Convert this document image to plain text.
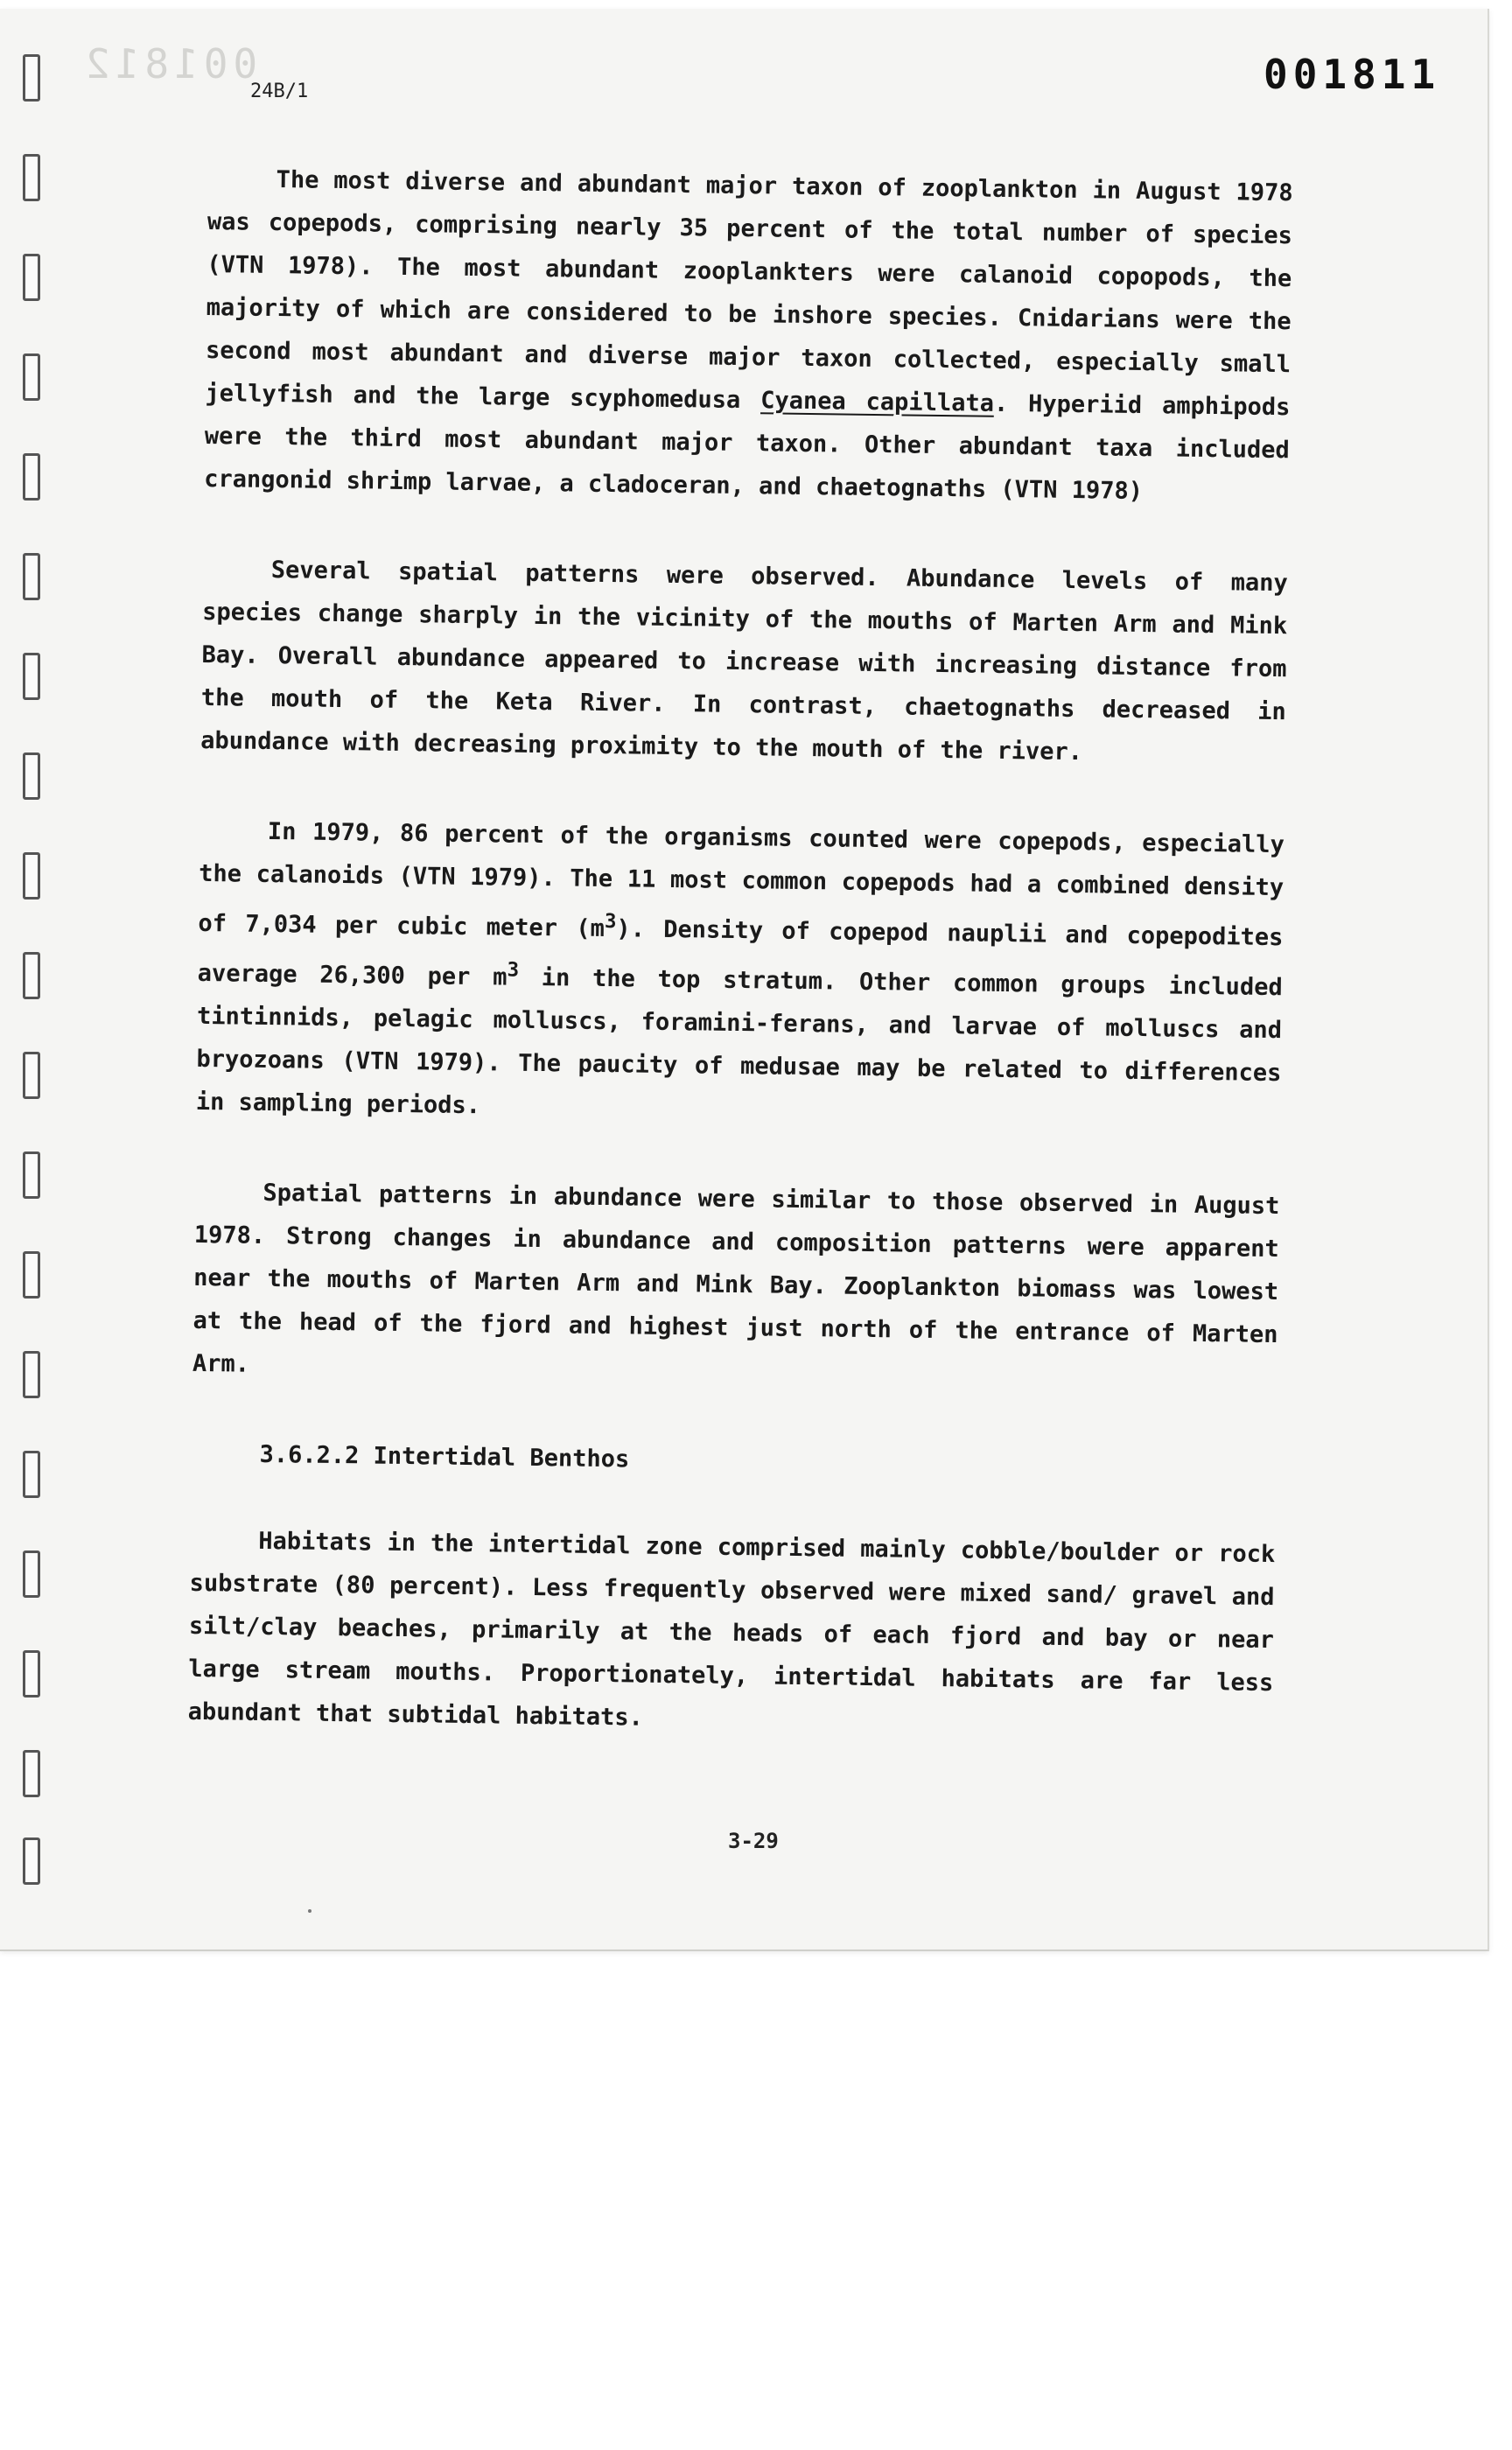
001812
24B/1	001811

The most diverse and abundant major taxon of zooplankton in August 1978 was copepods, comprising nearly 35 percent of the total number of species (VTN 1978). The most abundant zooplankters were calanoid copopods, the majority of which are considered to be inshore species. Cnidarians were the second most abundant and diverse major taxon collected, especially small jellyfish and the large scyphomedusa Cyanea capillata. Hyperiid amphipods were the third most abundant major taxon. Other abundant taxa included crangonid shrimp larvae, a cladoceran, and chaetognaths (VTN 1978)

Several spatial patterns were observed. Abundance levels of many species change sharply in the vicinity of the mouths of Marten Arm and Mink Bay. Overall abundance appeared to increase with increasing distance from the mouth of the Keta River. In contrast, chaetognaths decreased in abundance with decreasing proximity to the mouth of the river.

In 1979, 86 percent of the organisms counted were copepods, especially the calanoids (VTN 1979). The 11 most common copepods had a combined density of 7,034 per cubic meter $(m^3)$. Density of copepod nauplii and copepodites average 26,300 per $m^3$ in the top stratum. Other common groups included tintinnids, pelagic molluscs, foramini-ferans, and larvae of molluscs and bryozoans (VTN 1979). The paucity of medusae may be related to differences in sampling periods.

Spatial patterns in abundance were similar to those observed in August 1978. Strong changes in abundance and composition patterns were apparent near the mouths of Marten Arm and Mink Bay. Zooplankton biomass was lowest at the head of the fjord and highest just north of the entrance of Marten Arm.

3.6.2.2 Intertidal Benthos

Habitats in the intertidal zone comprised mainly cobble/boulder or rock substrate (80 percent). Less frequently observed were mixed sand/ gravel and silt/clay beaches, primarily at the heads of each fjord and bay or near large stream mouths. Proportionately, intertidal habitats are far less abundant that subtidal habitats.

3-29
